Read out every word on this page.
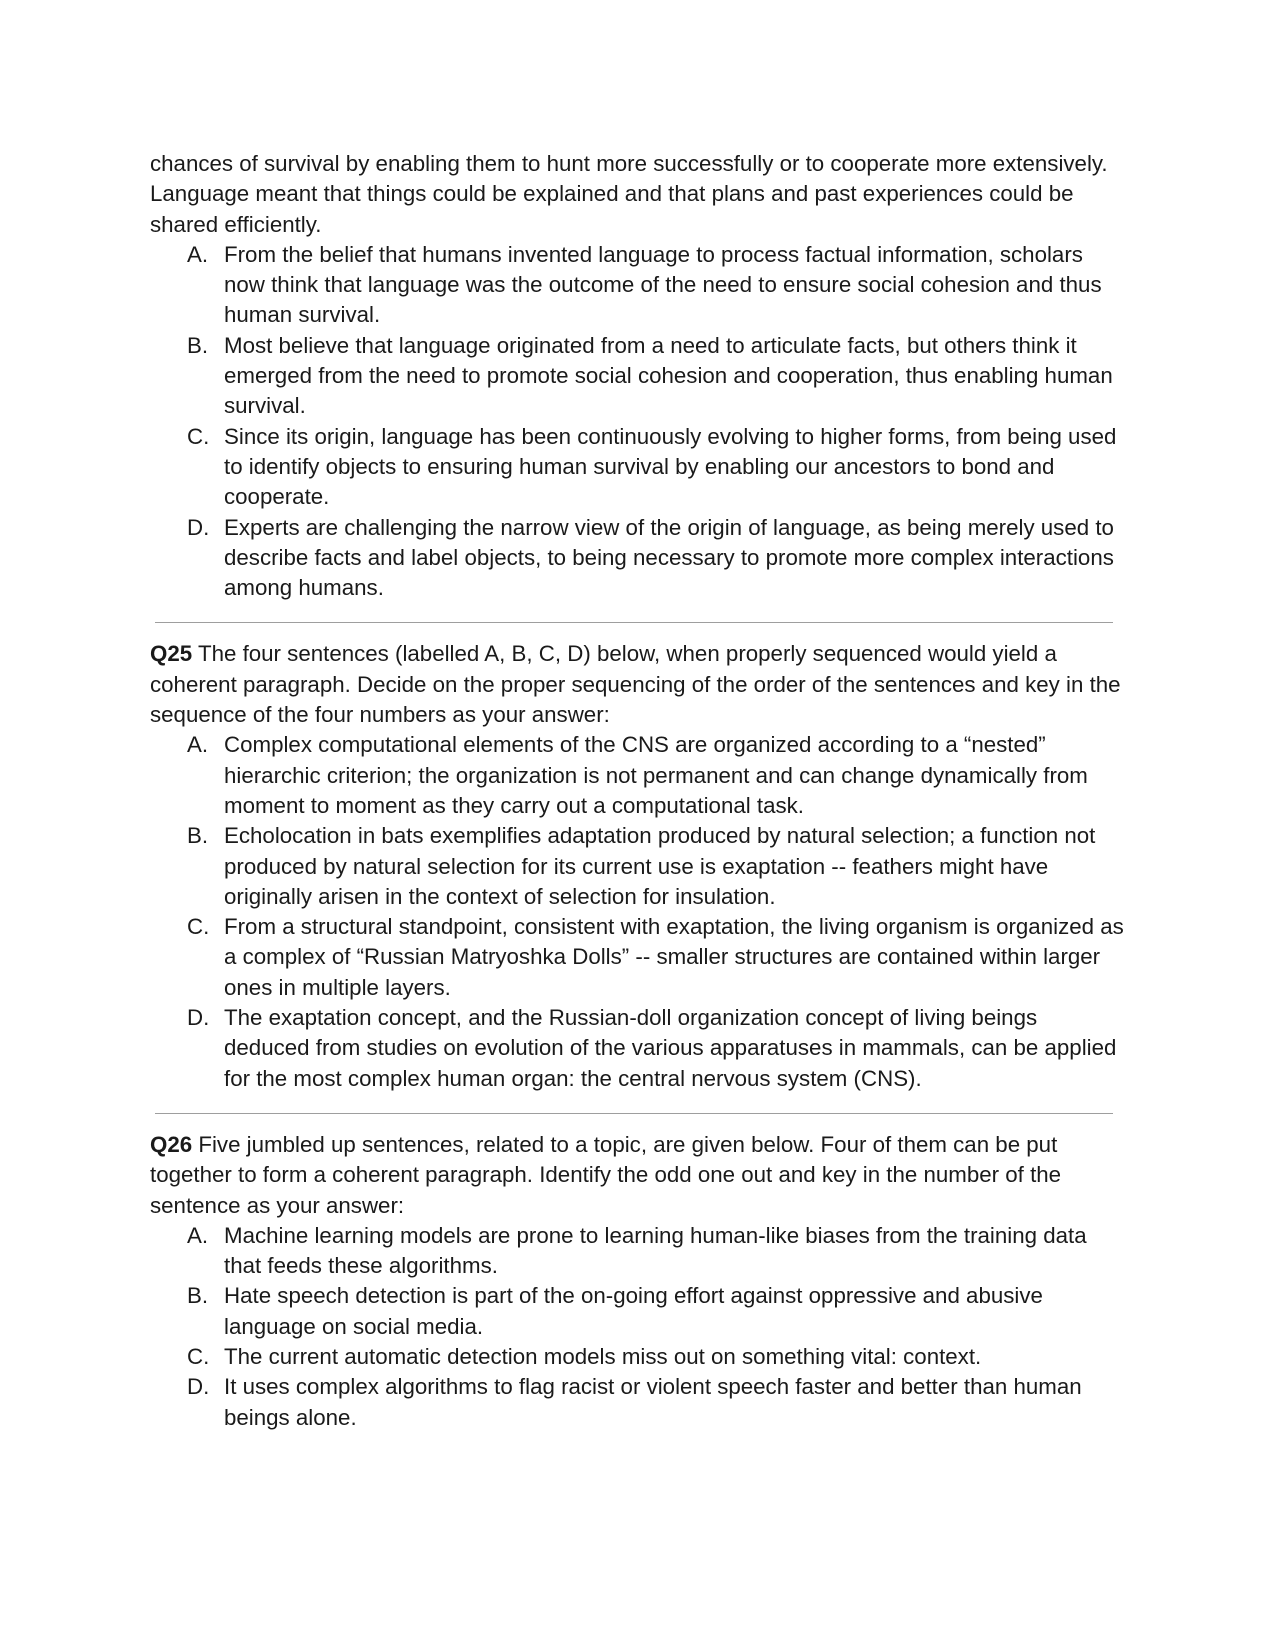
chances of survival by enabling them to hunt more successfully or to cooperate more extensively. Language meant that things could be explained and that plans and past experiences could be shared efficiently.

A. From the belief that humans invented language to process factual information, scholars now think that language was the outcome of the need to ensure social cohesion and thus human survival.
B. Most believe that language originated from a need to articulate facts, but others think it emerged from the need to promote social cohesion and cooperation, thus enabling human survival.
C. Since its origin, language has been continuously evolving to higher forms, from being used to identify objects to ensuring human survival by enabling our ancestors to bond and cooperate.
D. Experts are challenging the narrow view of the origin of language, as being merely used to describe facts and label objects, to being necessary to promote more complex interactions among humans.

Q25 The four sentences (labelled A, B, C, D) below, when properly sequenced would yield a coherent paragraph. Decide on the proper sequencing of the order of the sentences and key in the sequence of the four numbers as your answer:

A. Complex computational elements of the CNS are organized according to a “nested” hierarchic criterion; the organization is not permanent and can change dynamically from moment to moment as they carry out a computational task.
B. Echolocation in bats exemplifies adaptation produced by natural selection; a function not produced by natural selection for its current use is exaptation -- feathers might have originally arisen in the context of selection for insulation.
C. From a structural standpoint, consistent with exaptation, the living organism is organized as a complex of “Russian Matryoshka Dolls” -- smaller structures are contained within larger ones in multiple layers.
D. The exaptation concept, and the Russian-doll organization concept of living beings deduced from studies on evolution of the various apparatuses in mammals, can be applied for the most complex human organ: the central nervous system (CNS).

Q26 Five jumbled up sentences, related to a topic, are given below. Four of them can be put together to form a coherent paragraph. Identify the odd one out and key in the number of the sentence as your answer:

A. Machine learning models are prone to learning human-like biases from the training data that feeds these algorithms.
B. Hate speech detection is part of the on-going effort against oppressive and abusive language on social media.
C. The current automatic detection models miss out on something vital: context.
D. It uses complex algorithms to flag racist or violent speech faster and better than human beings alone.
